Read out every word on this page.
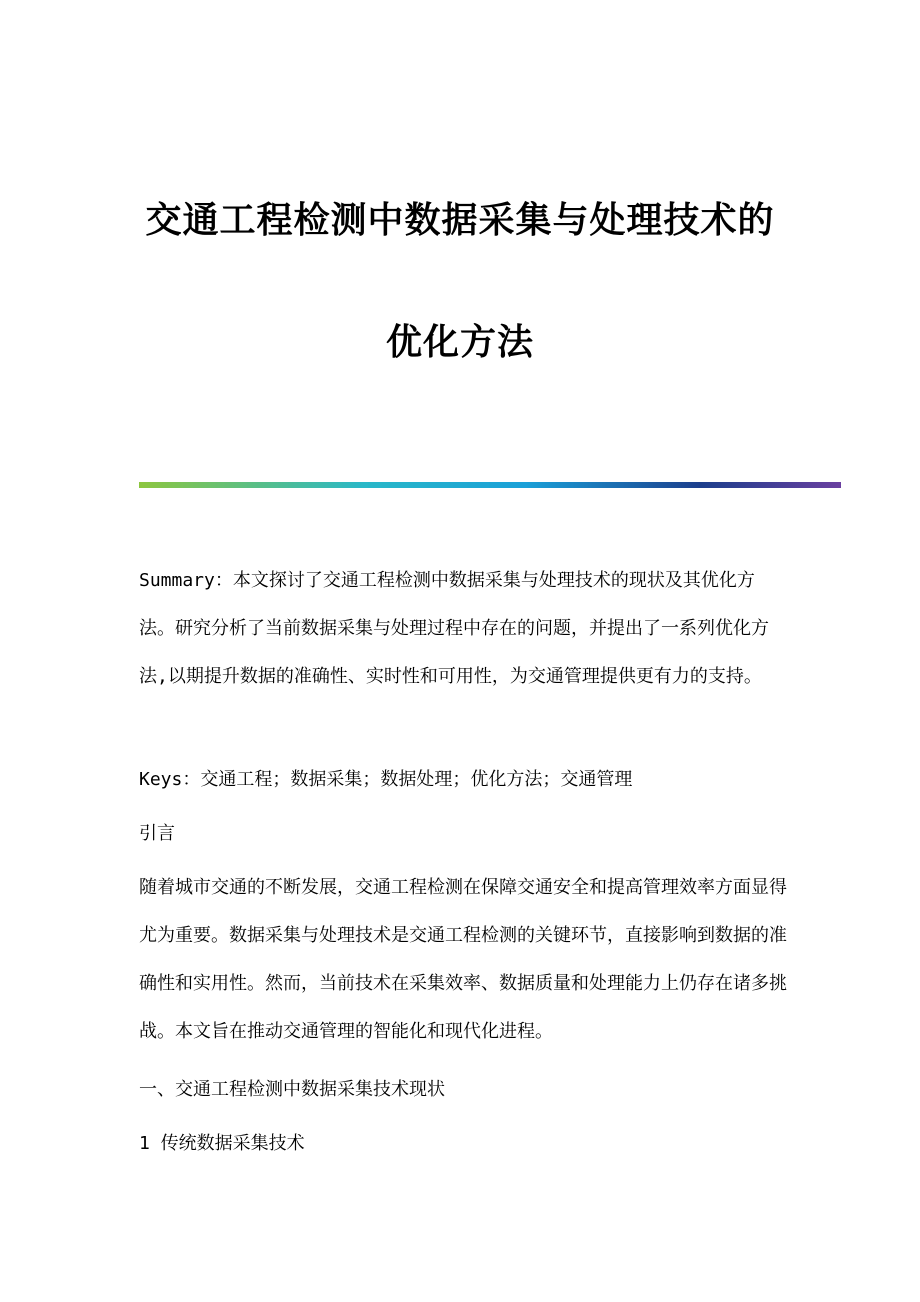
交通工程检测中数据采集与处理技术的
优化方法

Summary：本文探讨了交通工程检测中数据采集与处理技术的现状及其优化方法。研究分析了当前数据采集与处理过程中存在的问题，并提出了一系列优化方法,以期提升数据的准确性、实时性和可用性，为交通管理提供更有力的支持。

Keys：交通工程；数据采集；数据处理；优化方法；交通管理

引言

随着城市交通的不断发展，交通工程检测在保障交通安全和提高管理效率方面显得尤为重要。数据采集与处理技术是交通工程检测的关键环节，直接影响到数据的准确性和实用性。然而，当前技术在采集效率、数据质量和处理能力上仍存在诸多挑战。本文旨在推动交通管理的智能化和现代化进程。

一、交通工程检测中数据采集技术现状

1 传统数据采集技术
